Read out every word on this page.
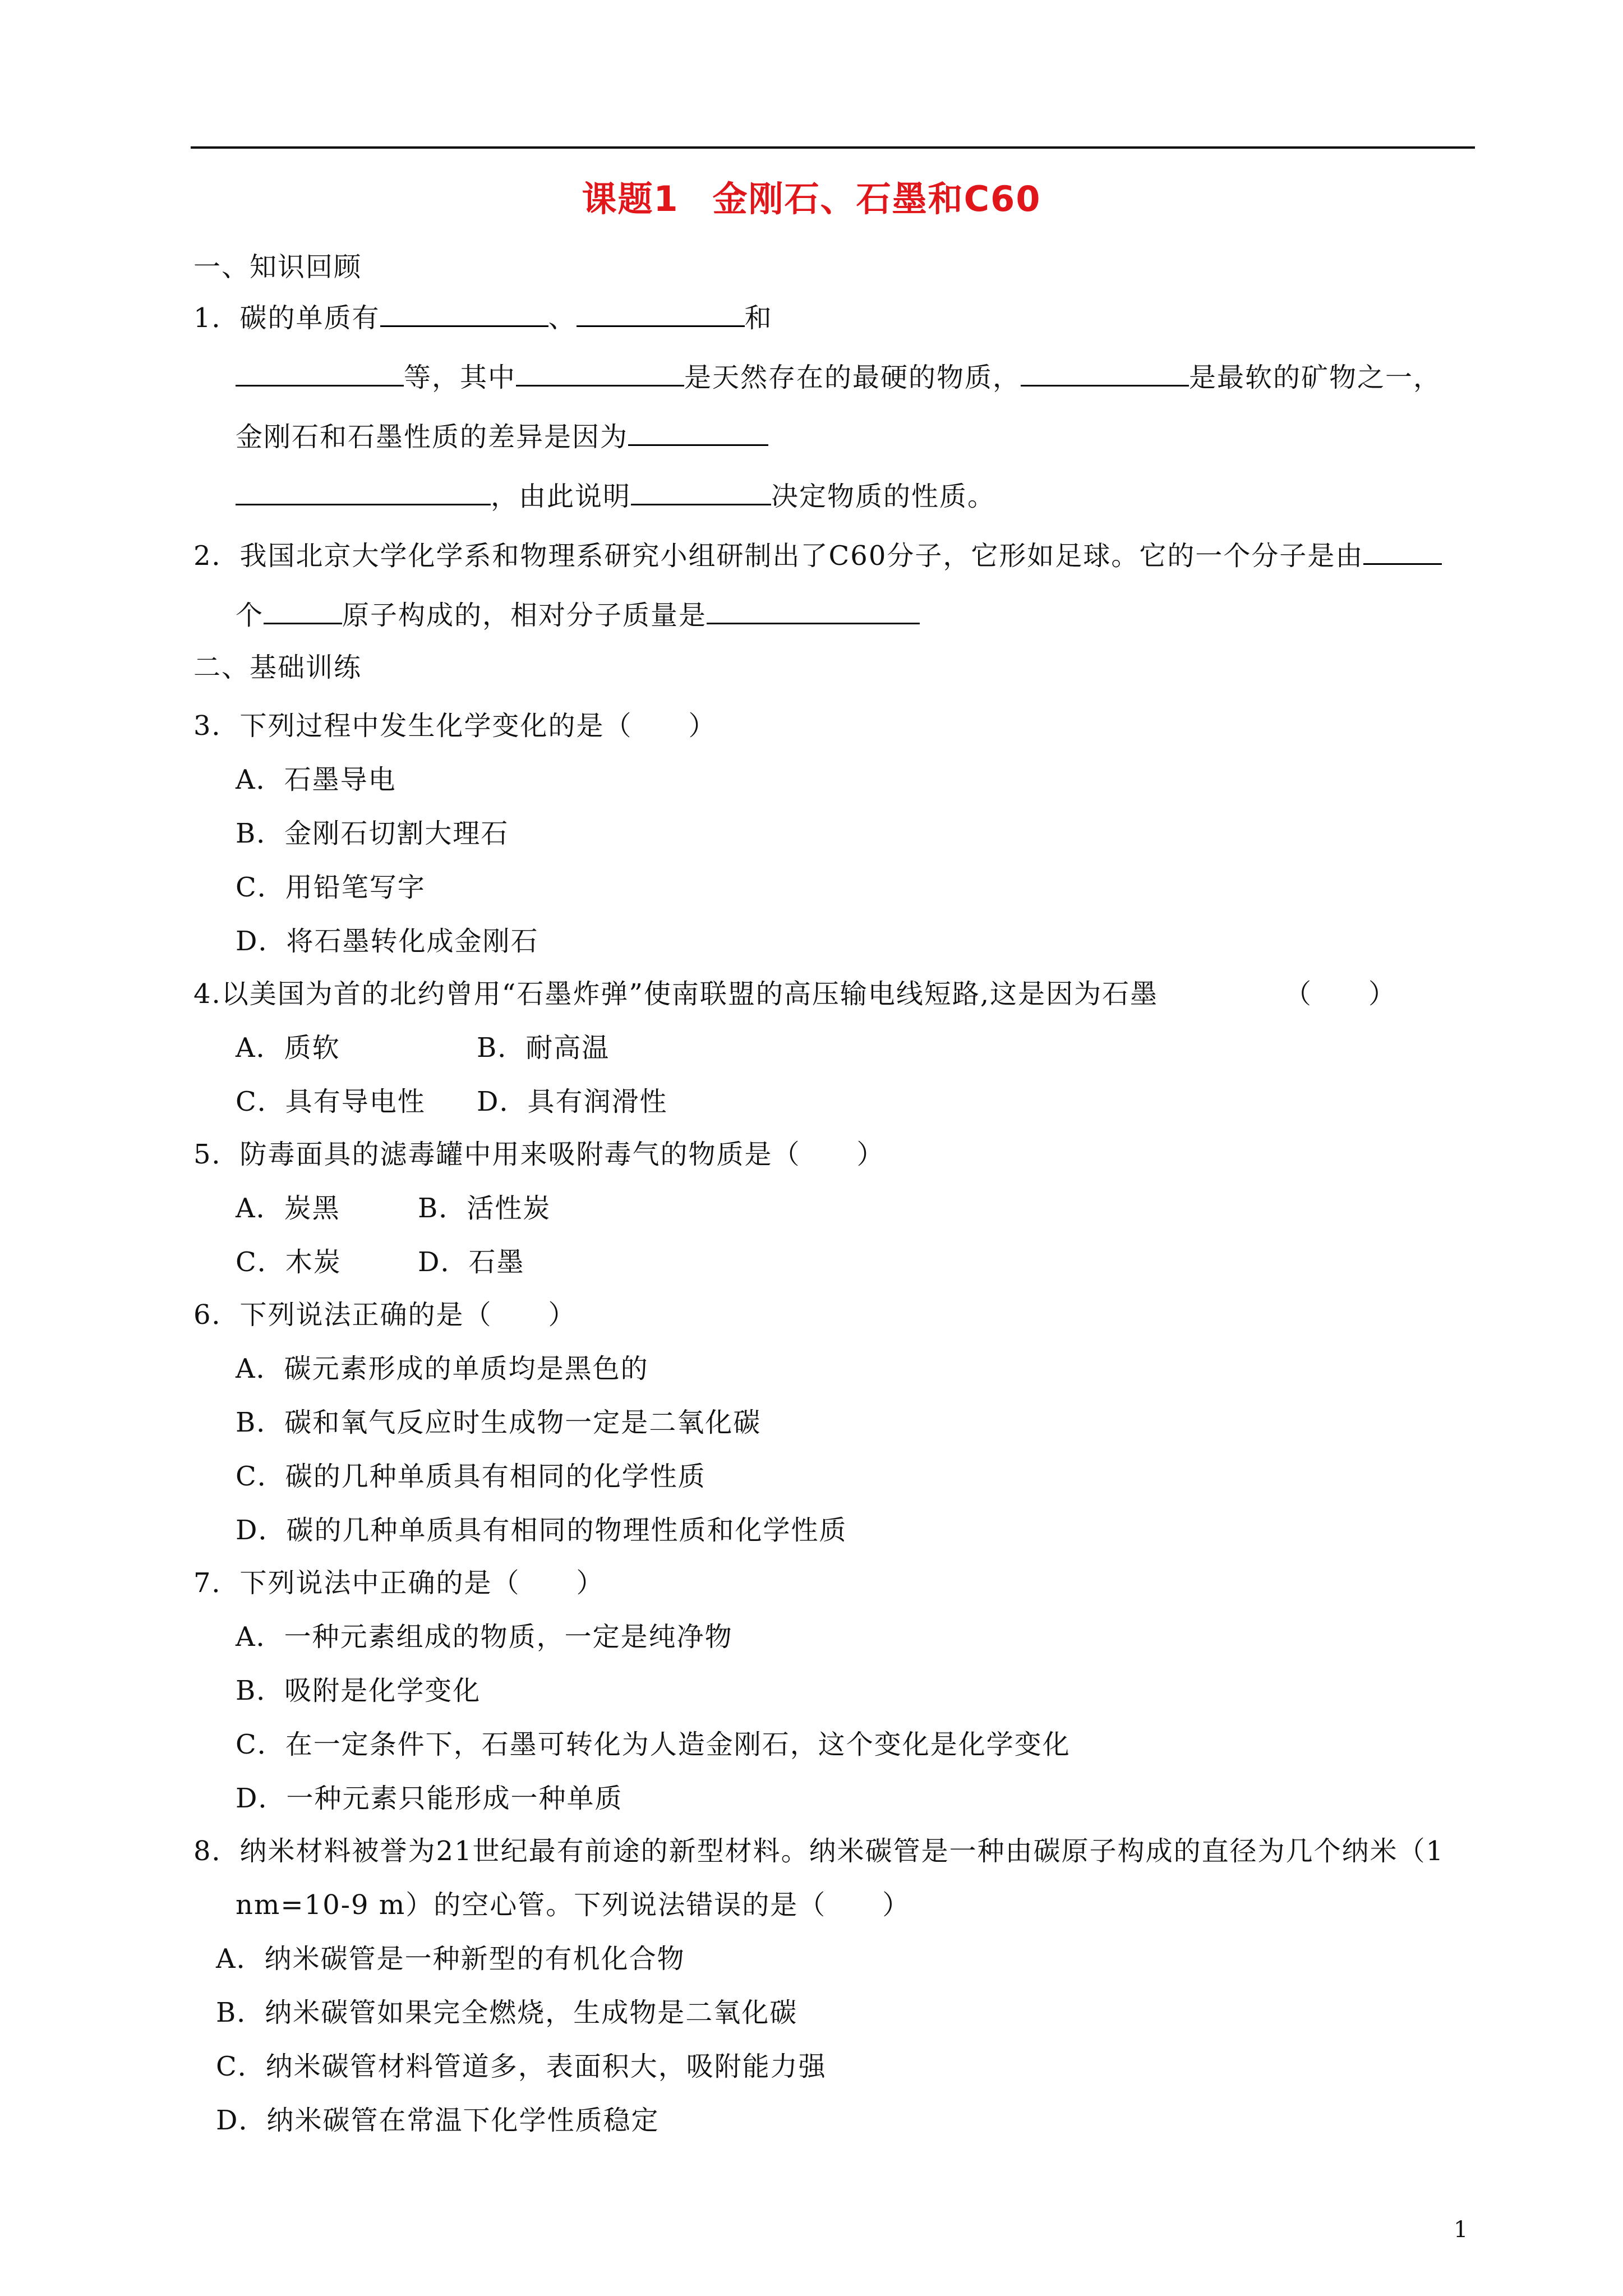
课题1 金刚石、石墨和C60
一、知识回顾
1．碳的单质有	、	和
等，其中	是天然存在的最硬的物质，	是最软的矿物之一，
金刚石和石墨性质的差异是因为
，由此说明	决定物质的性质。
2．我国北京大学化学系和物理系研究小组研制出了C60分子，它形如足球。它的一个分子是由
个	原子构成的，相对分子质量是
二、基础训练
3．下列过程中发生化学变化的是（　　）
A．石墨导电
B．金刚石切割大理石
C．用铅笔写字
D．将石墨转化成金刚石
4.以美国为首的北约曾用“石墨炸弹”使南联盟的高压输电线短路,这是因为石墨	（　　）
A．质软	B．耐高温
C．具有导电性 D．具有润滑性
5．防毒面具的滤毒罐中用来吸附毒气的物质是（　　）
A．炭黑	B．活性炭
C．木炭	D．石墨
6．下列说法正确的是（　　）
A．碳元素形成的单质均是黑色的
B．碳和氧气反应时生成物一定是二氧化碳
C．碳的几种单质具有相同的化学性质
D．碳的几种单质具有相同的物理性质和化学性质
7．下列说法中正确的是（　　）
A．一种元素组成的物质，一定是纯净物
B．吸附是化学变化
C．在一定条件下，石墨可转化为人造金刚石，这个变化是化学变化
D．一种元素只能形成一种单质
8．纳米材料被誉为21世纪最有前途的新型材料。纳米碳管是一种由碳原子构成的直径为几个纳米（1
nm=10-9 m）的空心管。下列说法错误的是（　　）
A．纳米碳管是一种新型的有机化合物
B．纳米碳管如果完全燃烧，生成物是二氧化碳
C．纳米碳管材料管道多，表面积大，吸附能力强
D．纳米碳管在常温下化学性质稳定
1
